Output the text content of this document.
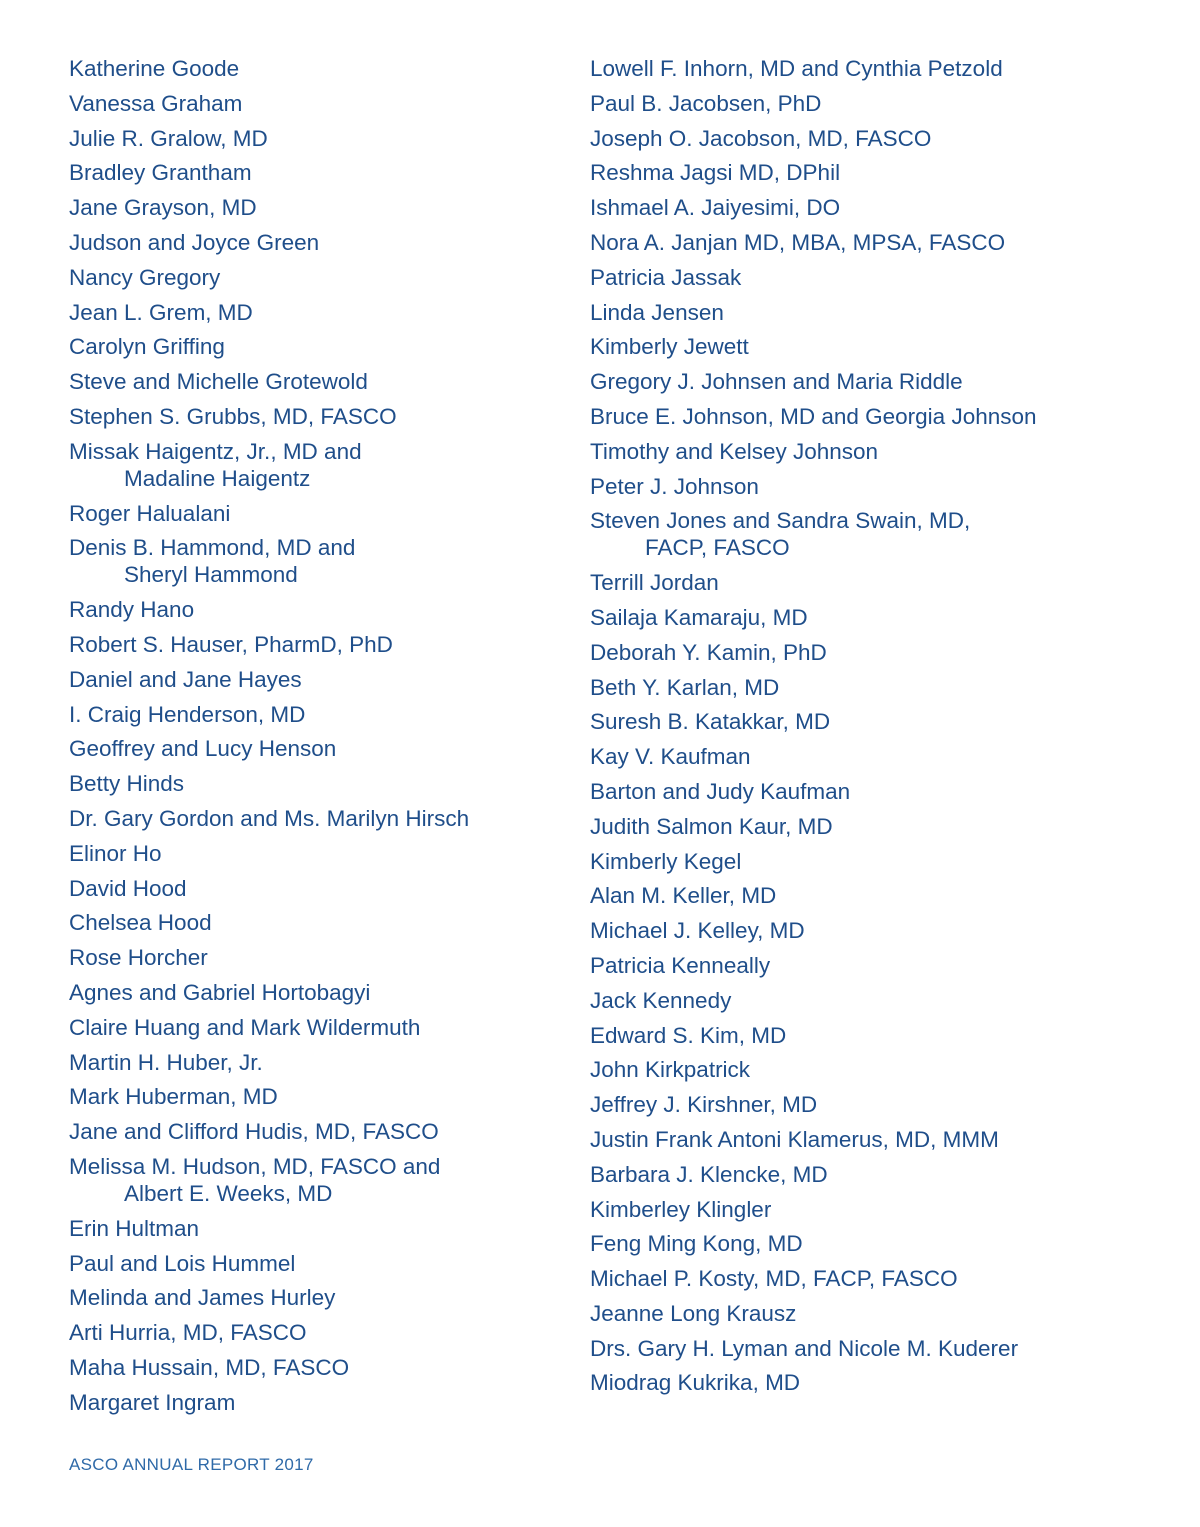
Katherine Goode
Vanessa Graham
Julie R. Gralow, MD
Bradley Grantham
Jane Grayson, MD
Judson and Joyce Green
Nancy Gregory
Jean L. Grem, MD
Carolyn Griffing
Steve and Michelle Grotewold
Stephen S. Grubbs, MD, FASCO
Missak Haigentz, Jr., MD and
Madaline Haigentz
Roger Halualani
Denis B. Hammond, MD and
Sheryl Hammond
Randy Hano
Robert S. Hauser, PharmD, PhD
Daniel and Jane Hayes
I. Craig Henderson, MD
Geoffrey and Lucy Henson
Betty Hinds
Dr. Gary Gordon and Ms. Marilyn Hirsch
Elinor Ho
David Hood
Chelsea Hood
Rose Horcher
Agnes and Gabriel Hortobagyi
Claire Huang and Mark Wildermuth
Martin H. Huber, Jr.
Mark Huberman, MD
Jane and Clifford Hudis, MD, FASCO
Melissa M. Hudson, MD, FASCO and
Albert E. Weeks, MD
Erin Hultman
Paul and Lois Hummel
Melinda and James Hurley
Arti Hurria, MD, FASCO
Maha Hussain, MD, FASCO
Margaret Ingram
Lowell F. Inhorn, MD and Cynthia Petzold
Paul B. Jacobsen, PhD
Joseph O. Jacobson, MD, FASCO
Reshma Jagsi MD, DPhil
Ishmael A. Jaiyesimi, DO
Nora A. Janjan MD, MBA, MPSA, FASCO
Patricia Jassak
Linda Jensen
Kimberly Jewett
Gregory J. Johnsen and Maria Riddle
Bruce E. Johnson, MD and Georgia Johnson
Timothy and Kelsey Johnson
Peter J. Johnson
Steven Jones and Sandra Swain, MD,
FACP, FASCO
Terrill Jordan
Sailaja Kamaraju, MD
Deborah Y. Kamin, PhD
Beth Y. Karlan, MD
Suresh B. Katakkar, MD
Kay V. Kaufman
Barton and Judy Kaufman
Judith Salmon Kaur, MD
Kimberly Kegel
Alan M. Keller, MD
Michael J. Kelley, MD
Patricia Kenneally
Jack Kennedy
Edward S. Kim, MD
John Kirkpatrick
Jeffrey J. Kirshner, MD
Justin Frank Antoni Klamerus, MD, MMM
Barbara J. Klencke, MD
Kimberley Klingler
Feng Ming Kong, MD
Michael P. Kosty, MD, FACP, FASCO
Jeanne Long Krausz
Drs. Gary H. Lyman and Nicole M. Kuderer
Miodrag Kukrika, MD
ASCO ANNUAL REPORT 2017
